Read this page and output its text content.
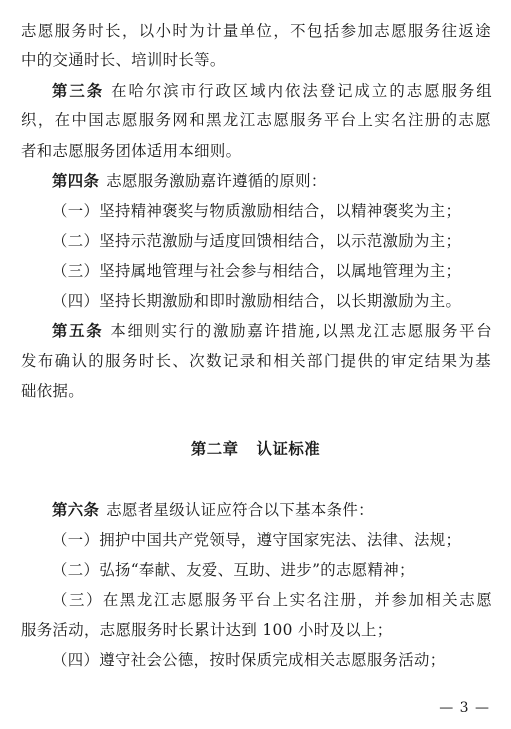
志愿服务时长，以小时为计量单位，不包括参加志愿服务往返途
中的交通时长、培训时长等。
第三条 在哈尔滨市行政区域内依法登记成立的志愿服务组
织，在中国志愿服务网和黑龙江志愿服务平台上实名注册的志愿
者和志愿服务团体适用本细则。
第四条 志愿服务激励嘉许遵循的原则：
（一）坚持精神褒奖与物质激励相结合，以精神褒奖为主；
（二）坚持示范激励与适度回馈相结合，以示范激励为主；
（三）坚持属地管理与社会参与相结合，以属地管理为主；
（四）坚持长期激励和即时激励相结合，以长期激励为主。
第五条 本细则实行的激励嘉许措施,以黑龙江志愿服务平台
发布确认的服务时长、次数记录和相关部门提供的审定结果为基
础依据。
第二章 认证标准
第六条 志愿者星级认证应符合以下基本条件：
（一）拥护中国共产党领导，遵守国家宪法、法律、法规；
（二）弘扬“奉献、友爱、互助、进步”的志愿精神；
（三）在黑龙江志愿服务平台上实名注册，并参加相关志愿
服务活动，志愿服务时长累计达到 100 小时及以上；
（四）遵守社会公德，按时保质完成相关志愿服务活动；
— 3 —
